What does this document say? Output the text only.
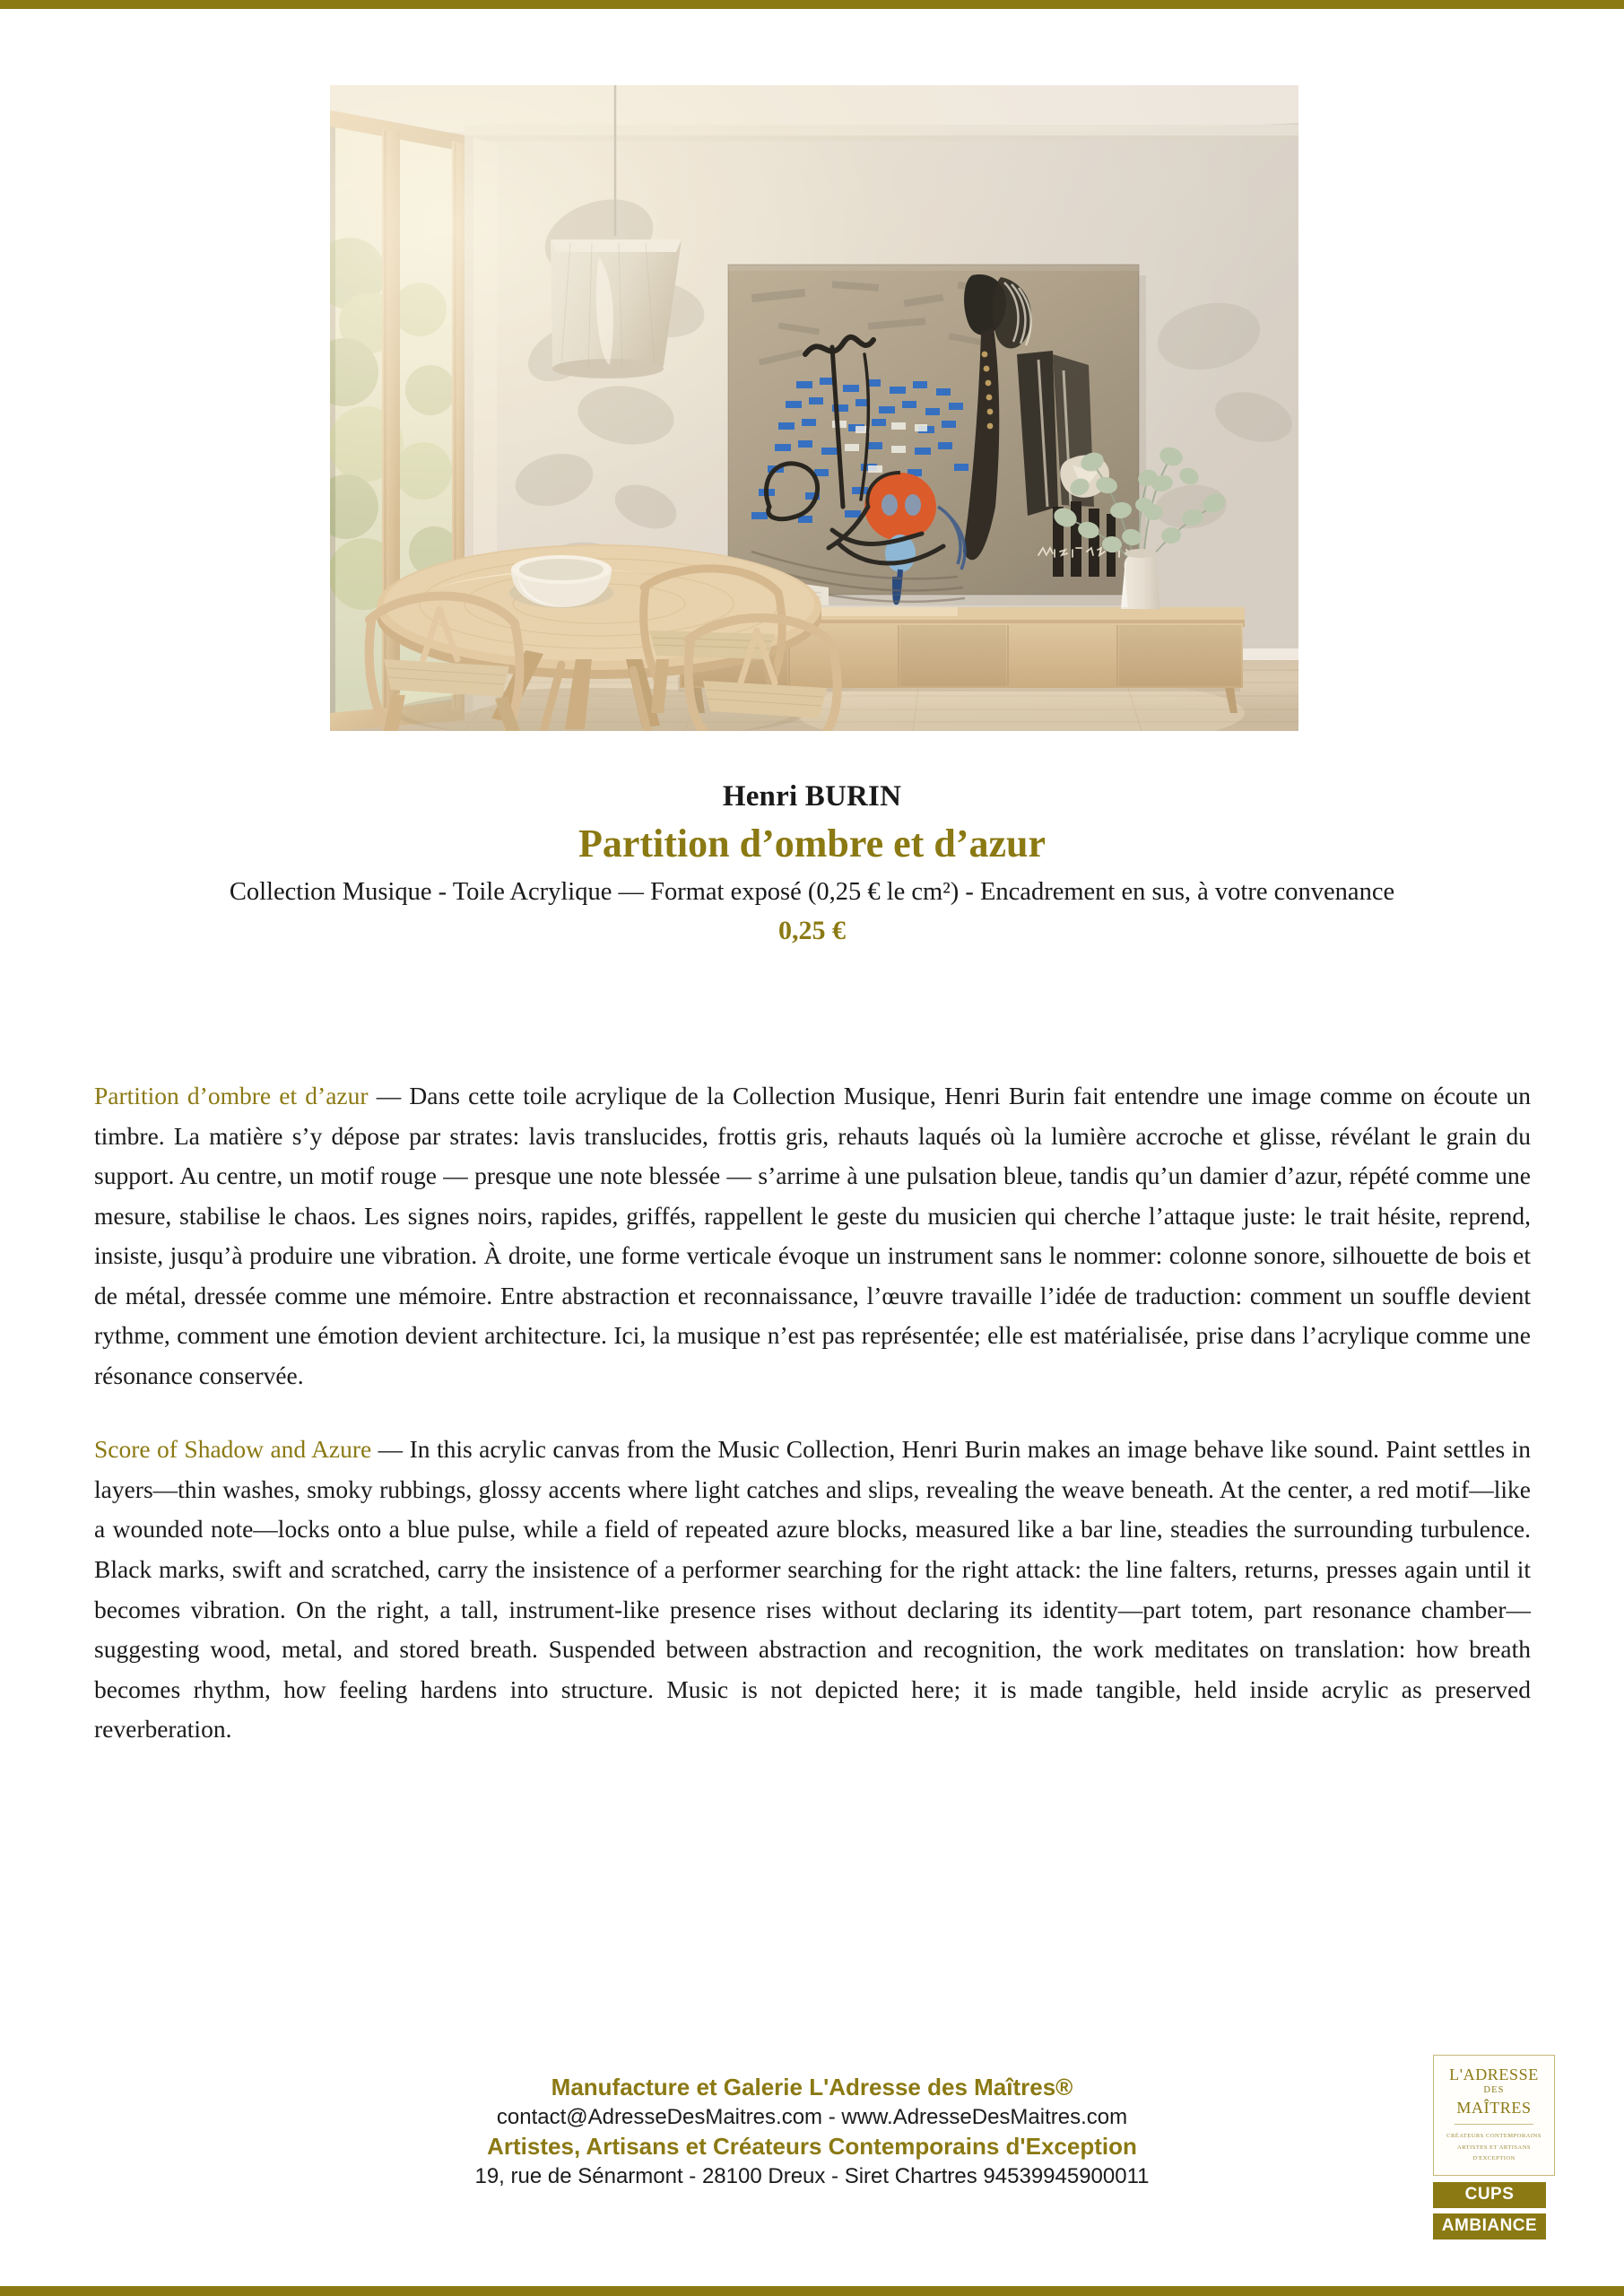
Henri BURIN
Partition d’ombre et d’azur
Collection Musique - Toile Acrylique — Format exposé (0,25 € le cm²) - Encadrement en sus, à votre convenance
0,25 €

Partition d’ombre et d’azur — Dans cette toile acrylique de la Collection Musique, Henri Burin fait entendre une image comme on écoute un timbre. La matière s’y dépose par strates: lavis translucides, frottis gris, rehauts laqués où la lumière accroche et glisse, révélant le grain du support. Au centre, un motif rouge — presque une note blessée — s’arrime à une pulsation bleue, tandis qu’un damier d’azur, répété comme une mesure, stabilise le chaos. Les signes noirs, rapides, griffés, rappellent le geste du musicien qui cherche l’attaque juste: le trait hésite, reprend, insiste, jusqu’à produire une vibration. À droite, une forme verticale évoque un instrument sans le nommer: colonne sonore, silhouette de bois et de métal, dressée comme une mémoire. Entre abstraction et reconnaissance, l’œuvre travaille l’idée de traduction: comment un souffle devient rythme, comment une émotion devient architecture. Ici, la musique n’est pas représentée; elle est matérialisée, prise dans l’acrylique comme une résonance conservée.

Score of Shadow and Azure — In this acrylic canvas from the Music Collection, Henri Burin makes an image behave like sound. Paint settles in layers—thin washes, smoky rubbings, glossy accents where light catches and slips, revealing the weave beneath. At the center, a red motif—like a wounded note—locks onto a blue pulse, while a field of repeated azure blocks, measured like a bar line, steadies the surrounding turbulence. Black marks, swift and scratched, carry the insistence of a performer searching for the right attack: the line falters, returns, presses again until it becomes vibration. On the right, a tall, instrument-like presence rises without declaring its identity—part totem, part resonance chamber—suggesting wood, metal, and stored breath. Suspended between abstraction and recognition, the work meditates on translation: how breath becomes rhythm, how feeling hardens into structure. Music is not depicted here; it is made tangible, held inside acrylic as preserved reverberation.

Manufacture et Galerie L'Adresse des Maîtres®
contact@AdresseDesMaitres.com - www.AdresseDesMaitres.com
Artistes, Artisans et Créateurs Contemporains d'Exception
19, rue de Sénarmont - 28100 Dreux - Siret Chartres 94539945900011
L'ADRESSE
DES
MAÎTRES
CRÉATEURS CONTEMPORAINS
ARTISTES ET ARTISANS
D'EXCEPTION
CUPS
AMBIANCE
